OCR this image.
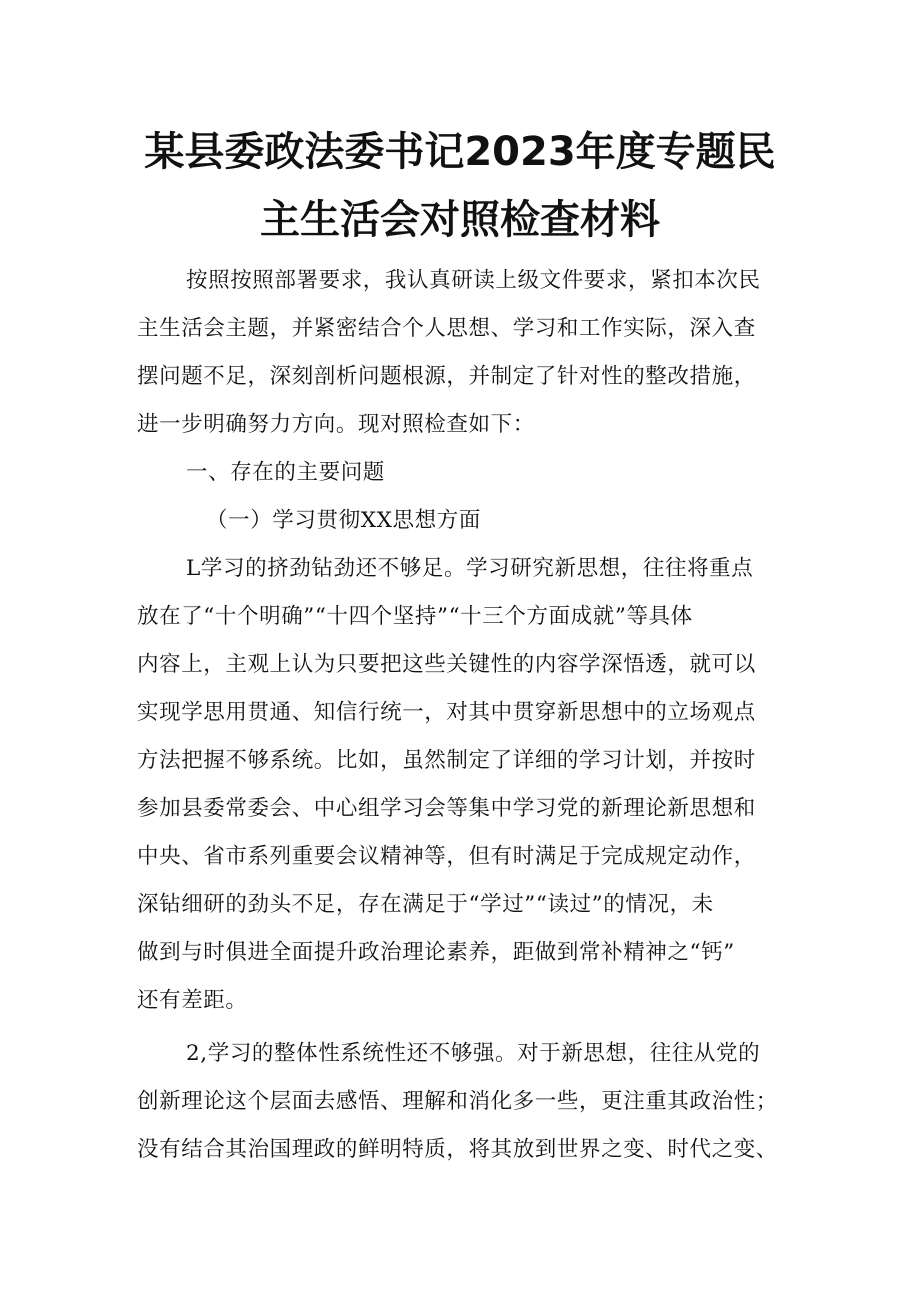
某县委政法委书记2023年度专题民
主生活会对照检查材料
按照按照部署要求，我认真研读上级文件要求，紧扣本次民
主生活会主题，并紧密结合个人思想、学习和工作实际，深入查
摆问题不足，深刻剖析问题根源，并制定了针对性的整改措施，
进一步明确努力方向。现对照检查如下：
一、存在的主要问题
（一）学习贯彻XX思想方面
L学习的挤劲钻劲还不够足。学习研究新思想，往往将重点
放在了“十个明确”“十四个坚持”“十三个方面成就”等具体
内容上，主观上认为只要把这些关键性的内容学深悟透，就可以
实现学思用贯通、知信行统一，对其中贯穿新思想中的立场观点
方法把握不够系统。比如，虽然制定了详细的学习计划，并按时
参加县委常委会、中心组学习会等集中学习党的新理论新思想和
中央、省市系列重要会议精神等，但有时满足于完成规定动作，
深钻细研的劲头不足，存在满足于“学过”“读过”的情况，未
做到与时俱进全面提升政治理论素养，距做到常补精神之“钙”
还有差距。
2,学习的整体性系统性还不够强。对于新思想，往往从党的
创新理论这个层面去感悟、理解和消化多一些，更注重其政治性；
没有结合其治国理政的鲜明特质，将其放到世界之变、时代之变、
